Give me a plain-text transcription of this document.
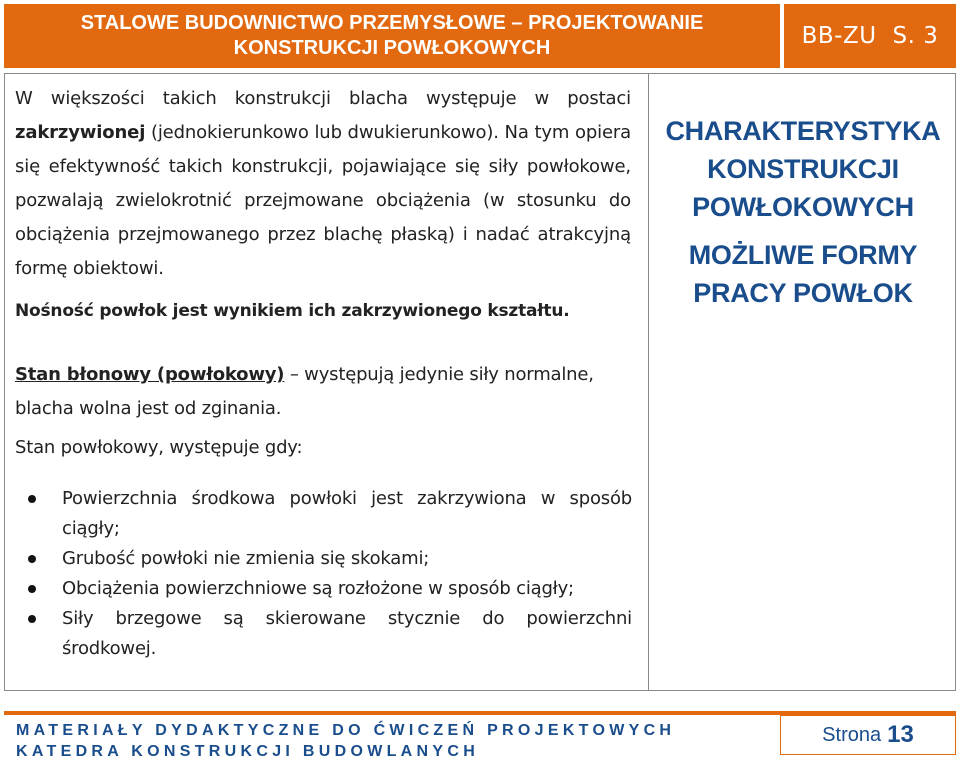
STALOWE BUDOWNICTWO PRZEMYSŁOWE – PROJEKTOWANIE
KONSTRUKCJI POWŁOKOWYCH	BB-ZU S. 3

W większości takich konstrukcji blacha występuje w postaci zakrzywionej (jednokierunkowo lub dwukierunkowo). Na tym opiera się efektywność takich konstrukcji, pojawiające się siły powłokowe, pozwalają zwielokrotnić przejmowane obciążenia (w stosunku do obciążenia przejmowanego przez blachę płaską) i nadać atrakcyjną formę obiektowi.

Nośność powłok jest wynikiem ich zakrzywionego kształtu.
Stan błonowy (powłokowy) – występują jedynie siły normalne, blacha wolna jest od zginania.
Stan powłokowy, występuje gdy:
Powierzchnia środkowa powłoki jest zakrzywiona w sposób ciągły;
Grubość powłoki nie zmienia się skokami;
Obciążenia powierzchniowe są rozłożone w sposób ciągły;
Siły brzegowe są skierowane stycznie do powierzchni środkowej.
CHARAKTERYSTYKA KONSTRUKCJI POWŁOKOWYCH
MOŻLIWE FORMY PRACY POWŁOK
MATERIAŁY DYDAKTYCZNE DO ĆWICZEŃ PROJEKTOWYCH
KATEDRA KONSTRUKCJI BUDOWLANYCH
Strona 13
